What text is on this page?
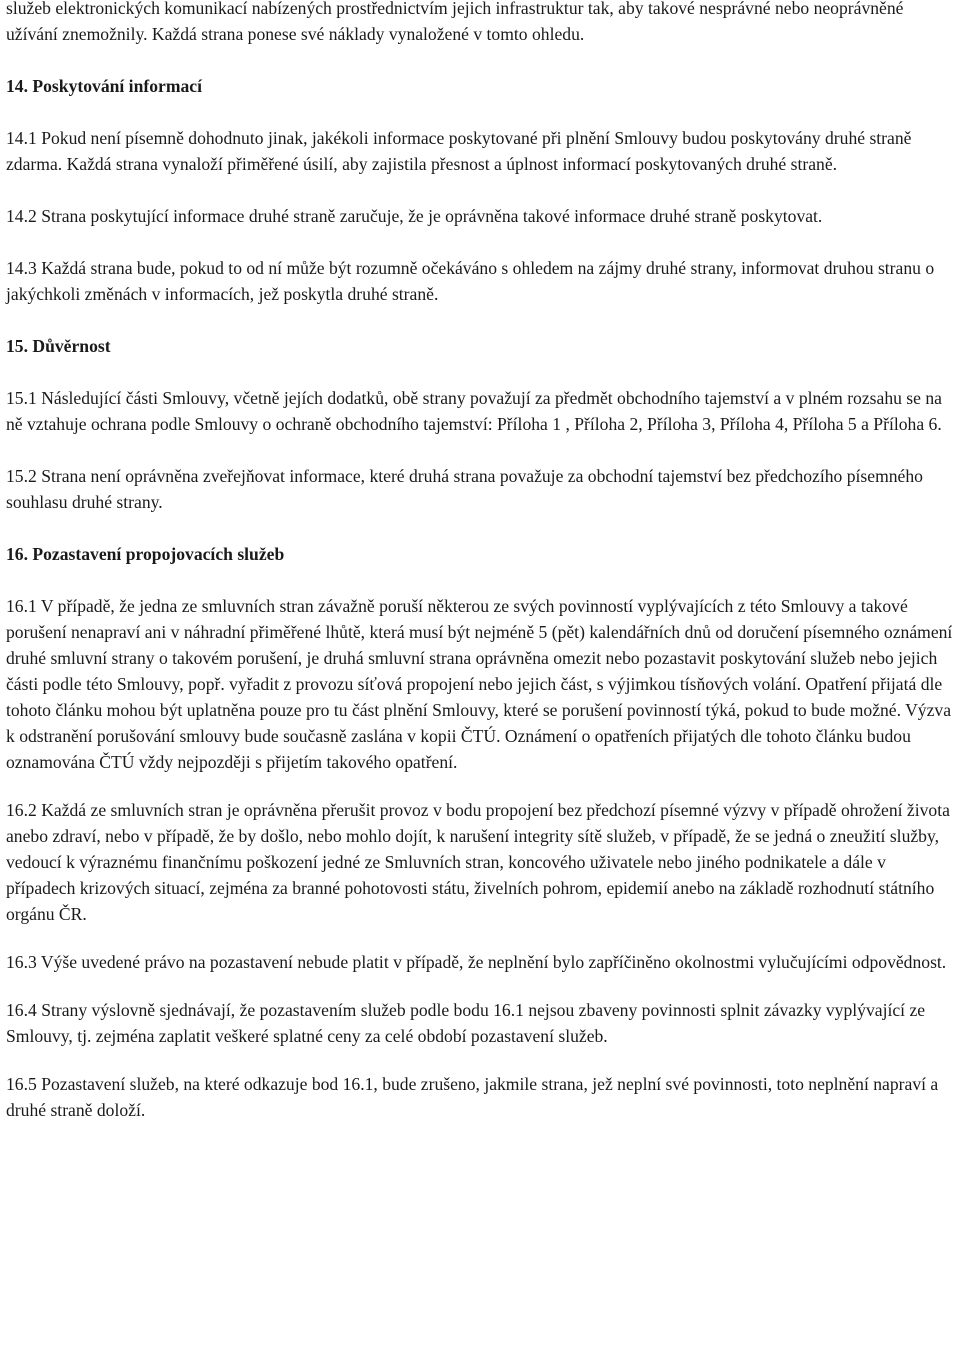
služeb elektronických komunikací nabízených prostřednictvím jejich infrastruktur tak, aby takové nesprávné nebo neoprávněné užívání znemožnily. Každá strana ponese své náklady vynaložené v tomto ohledu.

14. Poskytování informací

14.1 Pokud není písemně dohodnuto jinak, jakékoli informace poskytované při plnění Smlouvy budou poskytovány druhé straně zdarma. Každá strana vynaloží přiměřené úsilí, aby zajistila přesnost a úplnost informací poskytovaných druhé straně.

14.2 Strana poskytující informace druhé straně zaručuje, že je oprávněna takové informace druhé straně poskytovat.

14.3 Každá strana bude, pokud to od ní může být rozumně očekáváno s ohledem na zájmy druhé strany, informovat druhou stranu o jakýchkoli změnách v informacích, jež poskytla druhé straně.

15. Důvěrnost

15.1 Následující části Smlouvy, včetně jejích dodatků, obě strany považují za předmět obchodního tajemství a v plném rozsahu se na ně vztahuje ochrana podle Smlouvy o ochraně obchodního tajemství: Příloha 1 , Příloha 2, Příloha 3, Příloha 4, Příloha 5 a Příloha 6.

15.2 Strana není oprávněna zveřejňovat informace, které druhá strana považuje za obchodní tajemství bez předchozího písemného souhlasu druhé strany.

16. Pozastavení propojovacích služeb

16.1 V případě, že jedna ze smluvních stran závažně poruší některou ze svých povinností vyplývajících z této Smlouvy a takové porušení nenapraví ani v náhradní přiměřené lhůtě, která musí být nejméně 5 (pět) kalendářních dnů od doručení písemného oznámení druhé smluvní strany o takovém porušení, je druhá smluvní strana oprávněna omezit nebo pozastavit poskytování služeb nebo jejich části podle této Smlouvy, popř. vyřadit z provozu síťová propojení nebo jejich část, s výjimkou tísňových volání. Opatření přijatá dle tohoto článku mohou být uplatněna pouze pro tu část plnění Smlouvy, které se porušení povinností týká, pokud to bude možné. Výzva k odstranění porušování smlouvy bude současně zaslána v kopii ČTÚ. Oznámení o opatřeních přijatých dle tohoto článku budou oznamována ČTÚ vždy nejpozději s přijetím takového opatření.

16.2 Každá ze smluvních stran je oprávněna přerušit provoz v bodu propojení bez předchozí písemné výzvy v případě ohrožení života anebo zdraví, nebo v případě, že by došlo, nebo mohlo dojít, k narušení integrity sítě služeb, v případě, že se jedná o zneužití služby, vedoucí k výraznému finančnímu poškození jedné ze Smluvních stran, koncového uživatele nebo jiného podnikatele a dále v případech krizových situací, zejména za branné pohotovosti státu, živelních pohrom, epidemií anebo na základě rozhodnutí státního orgánu ČR.

16.3 Výše uvedené právo na pozastavení nebude platit v případě, že neplnění bylo zapříčiněno okolnostmi vylučujícími odpovědnost.

16.4 Strany výslovně sjednávají, že pozastavením služeb podle bodu 16.1 nejsou zbaveny povinnosti splnit závazky vyplývající ze Smlouvy, tj. zejména zaplatit veškeré splatné ceny za celé období pozastavení služeb.

16.5 Pozastavení služeb, na které odkazuje bod 16.1, bude zrušeno, jakmile strana, jež neplní své povinnosti, toto neplnění napraví a druhé straně doloží.
